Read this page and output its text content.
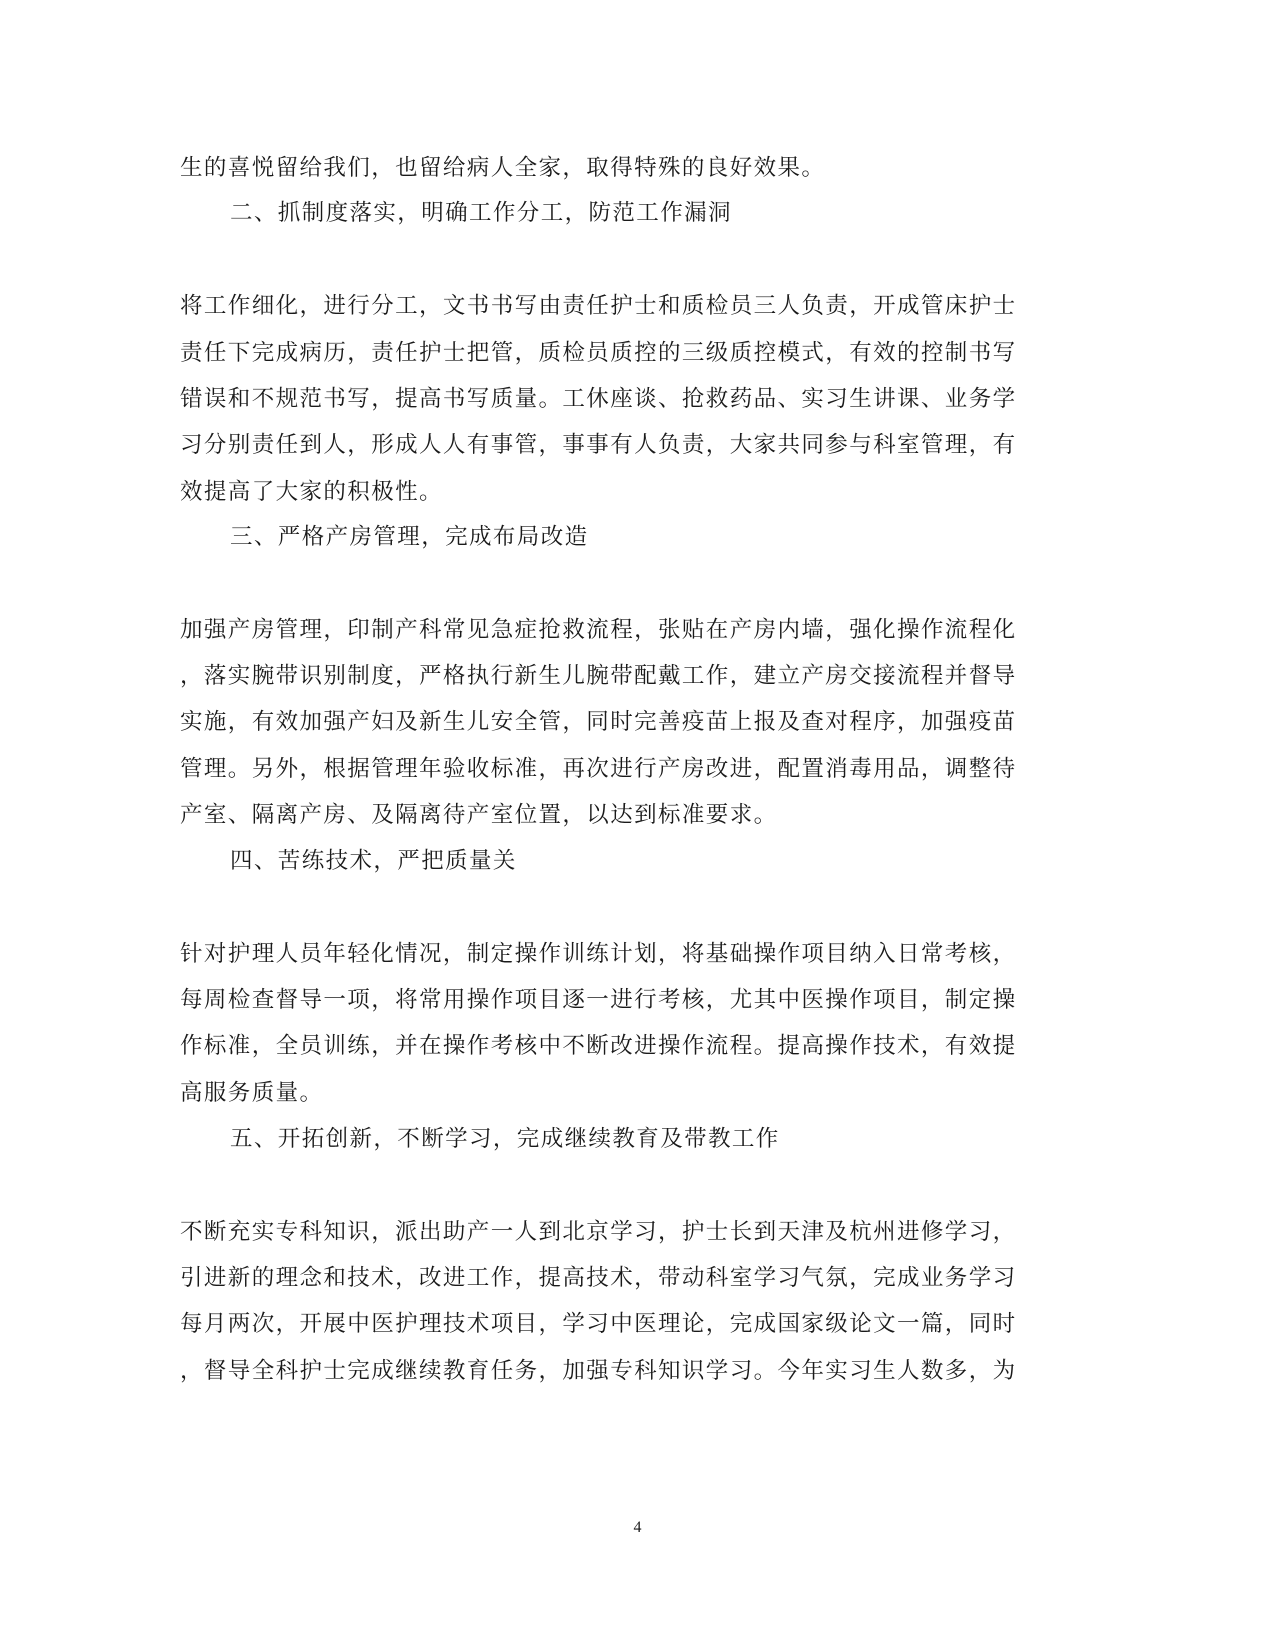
生的喜悦留给我们，也留给病人全家，取得特殊的良好效果。

二、抓制度落实，明确工作分工，防范工作漏洞

将工作细化，进行分工，文书书写由责任护士和质检员三人负责，开成管床护士

责任下完成病历，责任护士把管，质检员质控的三级质控模式，有效的控制书写

错误和不规范书写，提高书写质量。工休座谈、抢救药品、实习生讲课、业务学

习分别责任到人，形成人人有事管，事事有人负责，大家共同参与科室管理，有

效提高了大家的积极性。

三、严格产房管理，完成布局改造

加强产房管理，印制产科常见急症抢救流程，张贴在产房内墙，强化操作流程化

，落实腕带识别制度，严格执行新生儿腕带配戴工作，建立产房交接流程并督导

实施，有效加强产妇及新生儿安全管，同时完善疫苗上报及查对程序，加强疫苗

管理。另外，根据管理年验收标准，再次进行产房改进，配置消毒用品，调整待

产室、隔离产房、及隔离待产室位置，以达到标准要求。

四、苦练技术，严把质量关

针对护理人员年轻化情况，制定操作训练计划，将基础操作项目纳入日常考核，

每周检查督导一项，将常用操作项目逐一进行考核，尤其中医操作项目，制定操

作标准，全员训练，并在操作考核中不断改进操作流程。提高操作技术，有效提

高服务质量。

五、开拓创新，不断学习，完成继续教育及带教工作

不断充实专科知识，派出助产一人到北京学习，护士长到天津及杭州进修学习，

引进新的理念和技术，改进工作，提高技术，带动科室学习气氛，完成业务学习

每月两次，开展中医护理技术项目，学习中医理论，完成国家级论文一篇，同时

，督导全科护士完成继续教育任务，加强专科知识学习。今年实习生人数多，为

4
